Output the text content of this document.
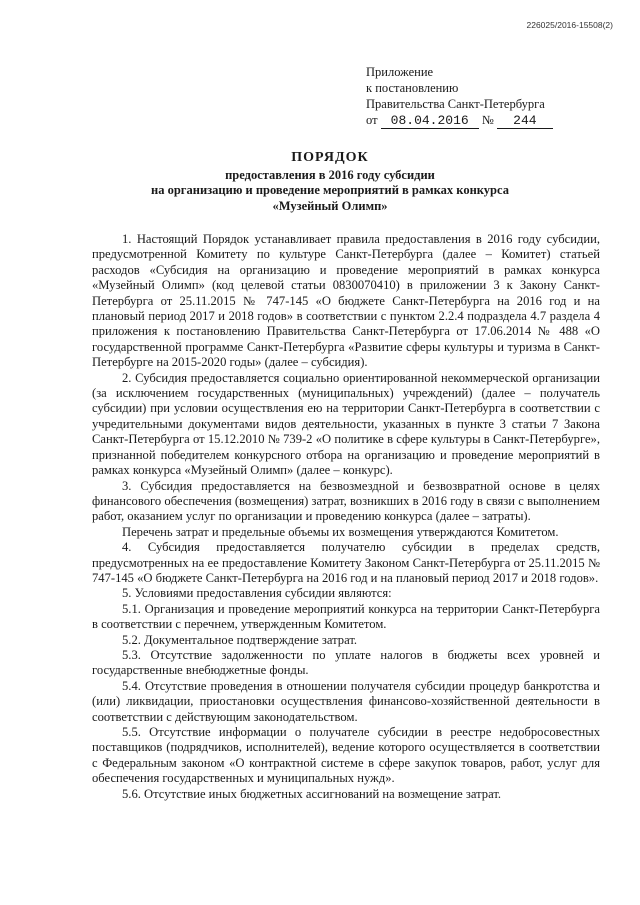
226025/2016-15508(2)
Приложение
к постановлению
Правительства Санкт-Петербурга
от 08.04.2016 № 244
ПОРЯДОК
предоставления в 2016 году субсидии
на организацию и проведение мероприятий в рамках конкурса
«Музейный Олимп»

1. Настоящий Порядок устанавливает правила предоставления в 2016 году субсидии, предусмотренной Комитету по культуре Санкт-Петербурга (далее – Комитет) статьей расходов «Субсидия на организацию и проведение мероприятий в рамках конкурса «Музейный Олимп» (код целевой статьи 0830070410) в приложении 3 к Закону Санкт-Петербурга от 25.11.2015 № 747-145 «О бюджете Санкт-Петербурга на 2016 год и на плановый период 2017 и 2018 годов» в соответствии с пунктом 2.2.4 подраздела 4.7 раздела 4 приложения к постановлению Правительства Санкт-Петербурга от 17.06.2014 № 488 «О государственной программе Санкт-Петербурга «Развитие сферы культуры и туризма в Санкт-Петербурге на 2015-2020 годы» (далее – субсидия).

2. Субсидия предоставляется социально ориентированной некоммерческой организации (за исключением государственных (муниципальных) учреждений) (далее – получатель субсидии) при условии осуществления ею на территории Санкт-Петербурга в соответствии с учредительными документами видов деятельности, указанных в пункте 3 статьи 7 Закона Санкт-Петербурга от 15.12.2010 № 739-2 «О политике в сфере культуры в Санкт-Петербурге», признанной победителем конкурсного отбора на организацию и проведение мероприятий в рамках конкурса «Музейный Олимп» (далее – конкурс).

3. Субсидия предоставляется на безвозмездной и безвозвратной основе в целях финансового обеспечения (возмещения) затрат, возникших в 2016 году в связи с выполнением работ, оказанием услуг по организации и проведению конкурса (далее – затраты).

Перечень затрат и предельные объемы их возмещения утверждаются Комитетом.

4. Субсидия предоставляется получателю субсидии в пределах средств, предусмотренных на ее предоставление Комитету Законом Санкт-Петербурга от 25.11.2015 № 747-145 «О бюджете Санкт-Петербурга на 2016 год и на плановый период 2017 и 2018 годов».

5. Условиями предоставления субсидии являются:

5.1. Организация и проведение мероприятий конкурса на территории Санкт-Петербурга в соответствии с перечнем, утвержденным Комитетом.

5.2. Документальное подтверждение затрат.

5.3. Отсутствие задолженности по уплате налогов в бюджеты всех уровней и государственные внебюджетные фонды.

5.4. Отсутствие проведения в отношении получателя субсидии процедур банкротства и (или) ликвидации, приостановки осуществления финансово-хозяйственной деятельности в соответствии с действующим законодательством.

5.5. Отсутствие информации о получателе субсидии в реестре недобросовестных поставщиков (подрядчиков, исполнителей), ведение которого осуществляется в соответствии с Федеральным законом «О контрактной системе в сфере закупок товаров, работ, услуг для обеспечения государственных и муниципальных нужд».

5.6. Отсутствие иных бюджетных ассигнований на возмещение затрат.
